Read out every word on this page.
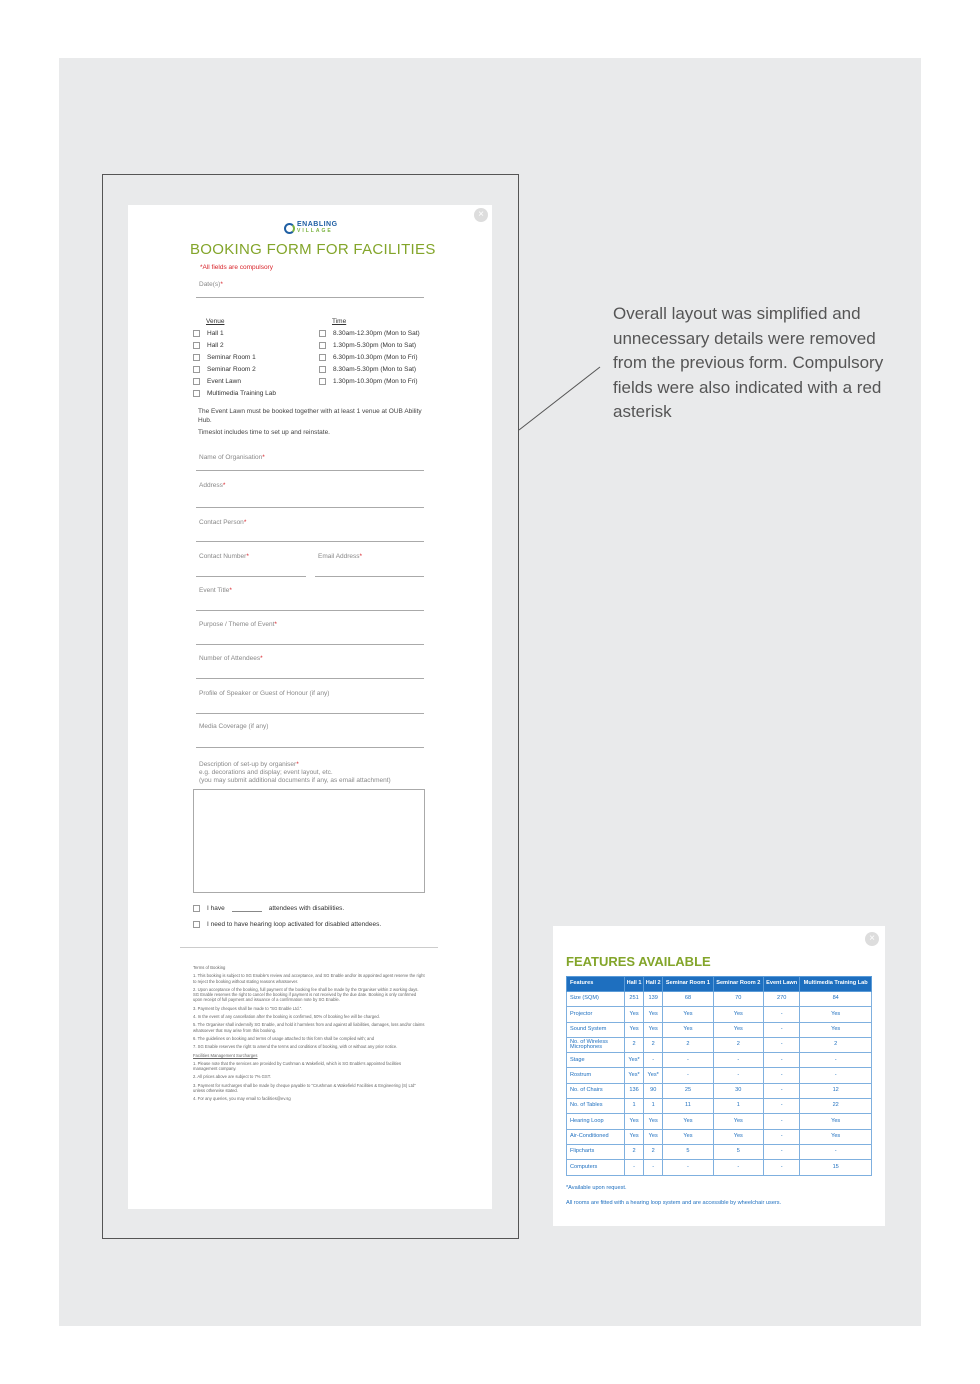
Overall layout was simplified and unnecessary details were removed from the previous form. Compulsory fields were also indicated with a red asterisk
×
ENABLING
VILLAGE
BOOKING FORM FOR FACILITIES
*All fields are compulsory
Date(s)*
Venue	Time
Hall 1
Hall 2
Seminar Room 1
Seminar Room 2
Event Lawn
Multimedia Training Lab
8.30am-12.30pm (Mon to Sat)
1.30pm-5.30pm (Mon to Sat)
6.30pm-10.30pm (Mon to Fri)
8.30am-5.30pm (Mon to Sat)
1.30pm-10.30pm (Mon to Fri)
The Event Lawn must be booked together with at least 1 venue at OUB Ability Hub.
Timeslot includes time to set up and reinstate.
Name of Organisation*
Address*
Contact Person*
Contact Number*	Email Address*
Event Title*
Purpose / Theme of Event*
Number of Attendees*
Profile of Speaker or Guest of Honour (if any)
Media Coverage (if any)
Description of set-up by organiser*
e.g. decorations and display; event layout, etc.
(you may submit additional documents if any, as email attachment)
I have	attendees with disabilities.
I need to have hearing loop activated for disabled attendees.

Terms of Booking

1. This booking is subject to SG Enable's review and acceptance, and SG Enable and/or its appointed agent reserve the right to reject the booking without stating reasons whatsoever.

2. Upon acceptance of the booking, full payment of the booking fee shall be made by the Organiser within 2 working days. SG Enable reserves the right to cancel the booking if payment is not received by the due date. Booking is only confirmed upon receipt of full payment and issuance of a confirmation note by SG Enable.

3. Payment by cheques shall be made to "SG Enable Ltd.".

4. In the event of any cancellation after the booking is confirmed, 50% of booking fee will be charged.

5. The Organiser shall indemnify SG Enable, and hold it harmless from and against all liabilities, damages, loss and/or claims whatsoever that may arise from this booking.

6. The guidelines on booking and terms of usage attached to this form shall be complied with; and

7. SG Enable reserves the right to amend the terms and conditions of booking, with or without any prior notice.

Facilities Management Surcharges

1. Please note that the services are provided by Cushman & Wakefield, which is SG Enable's appointed facilities management company.

2. All prices above are subject to 7% GST.

3. Payment for surcharges shall be made by cheque payable to "Crushman & Wakefield Facilities & Engineering (S) Ltd" unless otherwise stated.

4. For any queries, you may email to facilities@ev.sg

×
FEATURES AVAILABLE
Features	Hall 1	Hall 2	Seminar Room 1	Seminar Room 2	Event Lawn	Multimedia Training Lab
Size (SQM)	251	139	68	70	270	84
Projector	Yes	Yes	Yes	Yes	-	Yes
Sound System	Yes	Yes	Yes	Yes	-	Yes
No. of Wireless Microphones	2	2	2	2	-	2
Stage	Yes*	-	-	-	-	-
Rostrum	Yes*	Yes*	-	-	-	-
No. of Chairs	136	90	25	30	-	12
No. of Tables	1	1	11	1	-	22
Hearing Loop	Yes	Yes	Yes	Yes	-	Yes
Air-Conditioned	Yes	Yes	Yes	Yes	-	Yes
Flipcharts	2	2	5	5	-	-
Computers	-	-	-	-	-	15
*Available upon request.
All rooms are fitted with a hearing loop system and are accessible by wheelchair users.
